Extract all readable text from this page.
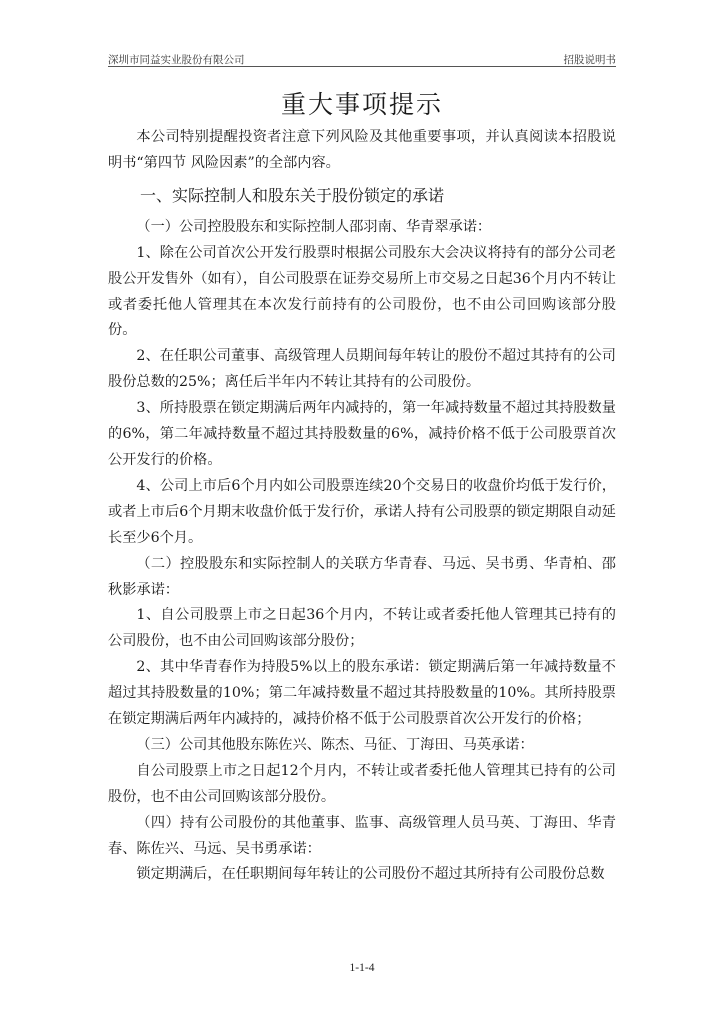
深圳市同益实业股份有限公司	招股说明书
重大事项提示

本公司特别提醒投资者注意下列风险及其他重要事项，并认真阅读本招股说明书“第四节 风险因素”的全部内容。

一、实际控制人和股东关于股份锁定的承诺

（一）公司控股股东和实际控制人邵羽南、华青翠承诺：

1、除在公司首次公开发行股票时根据公司股东大会决议将持有的部分公司老股公开发售外（如有），自公司股票在证券交易所上市交易之日起36个月内不转让或者委托他人管理其在本次发行前持有的公司股份，也不由公司回购该部分股份。

2、在任职公司董事、高级管理人员期间每年转让的股份不超过其持有的公司股份总数的25%；离任后半年内不转让其持有的公司股份。

3、所持股票在锁定期满后两年内减持的，第一年减持数量不超过其持股数量的6%，第二年减持数量不超过其持股数量的6%，减持价格不低于公司股票首次公开发行的价格。

4、公司上市后6个月内如公司股票连续20个交易日的收盘价均低于发行价，或者上市后6个月期末收盘价低于发行价，承诺人持有公司股票的锁定期限自动延长至少6个月。

（二）控股股东和实际控制人的关联方华青春、马远、吴书勇、华青柏、邵秋影承诺：

1、自公司股票上市之日起36个月内，不转让或者委托他人管理其已持有的公司股份，也不由公司回购该部分股份；

2、其中华青春作为持股5%以上的股东承诺：锁定期满后第一年减持数量不超过其持股数量的10%；第二年减持数量不超过其持股数量的10%。其所持股票在锁定期满后两年内减持的，减持价格不低于公司股票首次公开发行的价格；

（三）公司其他股东陈佐兴、陈杰、马征、丁海田、马英承诺：

自公司股票上市之日起12个月内，不转让或者委托他人管理其已持有的公司股份，也不由公司回购该部分股份。

（四）持有公司股份的其他董事、监事、高级管理人员马英、丁海田、华青春、陈佐兴、马远、吴书勇承诺：

锁定期满后，在任职期间每年转让的公司股份不超过其所持有公司股份总数

1-1-4
